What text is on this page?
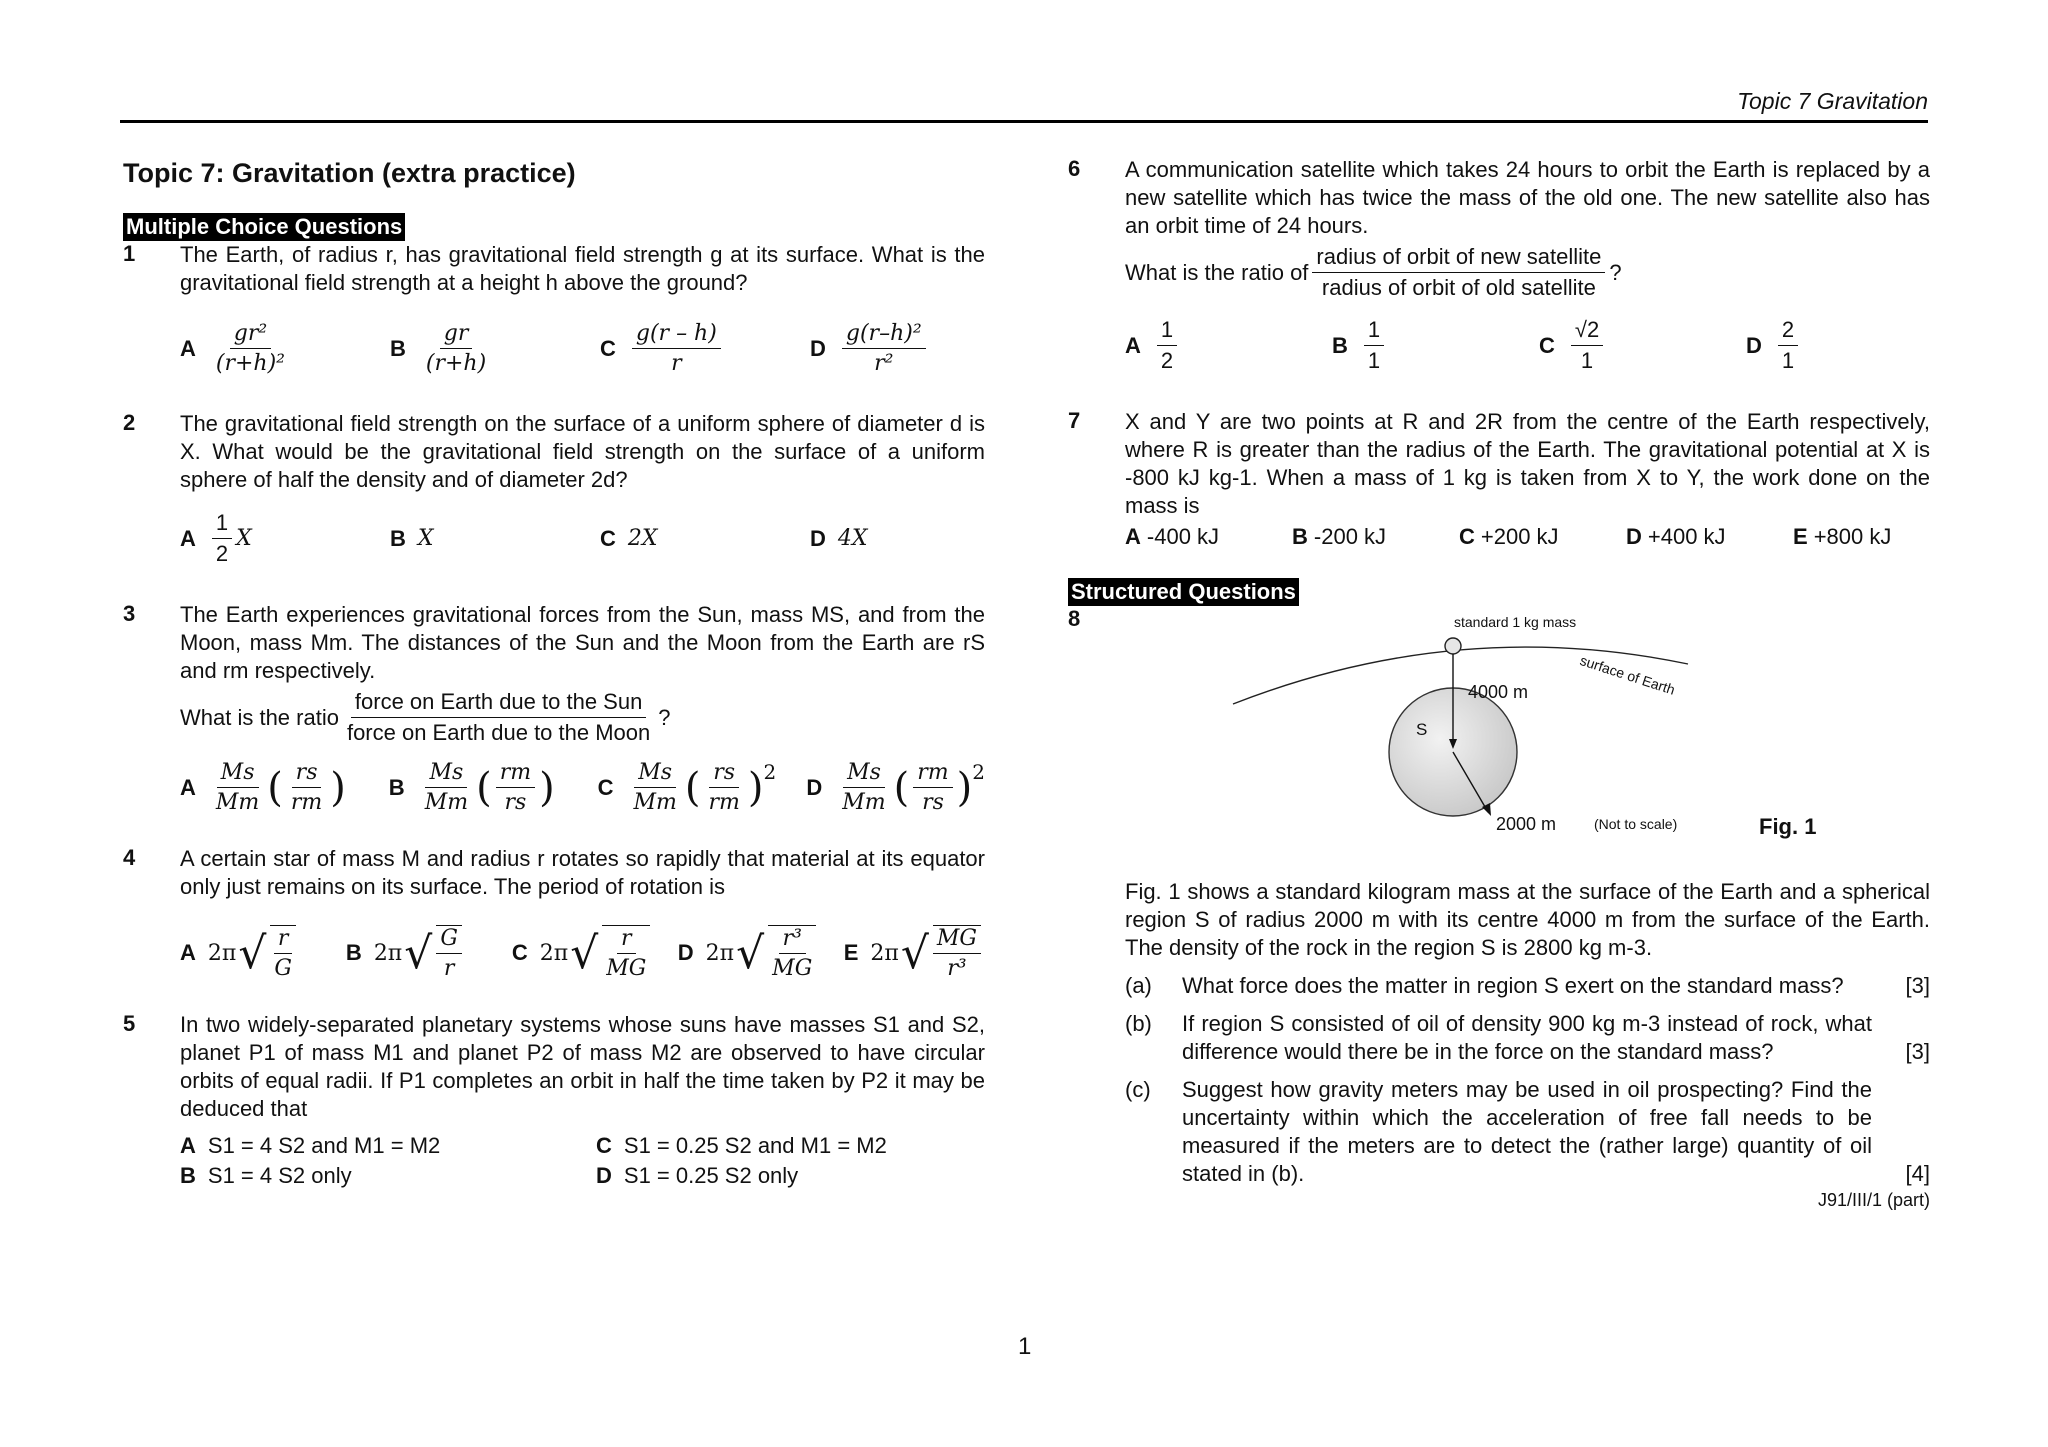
Topic 7 Gravitation
Topic 7: Gravitation (extra practice)
Multiple Choice Questions
1 The Earth, of radius r, has gravitational field strength g at its surface. What is the gravitational field strength at a height h above the ground?

A $\frac{\text{gr²}}{\text{(r+h)²}}$	B $\frac{gr}{(r+h)}$	C $\frac{g(r - h)}{r}$	D $\frac{\text{g(r–h)²}}{\text{r²}}$
2 The gravitational field strength on the surface of a uniform sphere of diameter d is X. What would be the gravitational field strength on the surface of a uniform sphere of half the density and of diameter 2d?

A $\frac{1}{2}$ X	B X	C 2X	D 4X
3 The Earth experiences gravitational forces from the Sun, mass MS, and from the Moon, mass Mm. The distances of the Sun and the Moon from the Earth are rS and rm respectively.

What is the ratio $\frac{\text{force on Earth due to the Sun}}{\text{force on Earth due to the Moon}}$ ?
A $\frac{Ms}{Mm}$ ( $\frac{rs}{rm}$ ) B $\frac{Ms}{Mm}$ ( $\frac{rm}{rs}$ ) C $\frac{Ms}{Mm}$ ( $\frac{rs}{rm}$ ) 2
D $\frac{Ms}{Mm}$ ( $\frac{rm}{rs}$ ) 2
4 A certain star of mass M and radius r rotates so rapidly that material at its equator only just remains on its surface. The period of rotation is

A 2π √ $\frac{r}{G}$ B 2π √ $\frac{G}{r}$ C 2π √ $\frac{r}{MG}$ D 2π √ $\frac{\text{r³}}{MG}$ E 2π √ $\frac{MG}{\text{r³}}$
5 In two widely-separated planetary systems whose suns have masses S1 and S2, planet P1 of mass M1 and planet P2 of mass M2 are observed to have circular orbits of equal radii. If P1 completes an orbit in half the time taken by P2 it may be deduced that

A S1 = 4 S2 and M1 = M2	C S1 = 0.25 S2 and M1 = M2
B S1 = 4 S2 only	D S1 = 0.25 S2 only
6 A communication satellite which takes 24 hours to orbit the Earth is replaced by a new satellite which has twice the mass of the old one. The new satellite also has an orbit time of 24 hours.

What is the ratio of $\frac{\text{radius of orbit of new satellite}}{\text{radius of orbit of old satellite}}$ ?
A $\frac{1}{2}$	B $\frac{1}{1}$	C $\frac{√2}{1}$	D $\frac{2}{1}$
7 X and Y are two points at R and 2R from the centre of the Earth respectively, where R is greater than the radius of the Earth. The gravitational potential at X is -800 kJ kg-1. When a mass of 1 kg is taken from X to Y, the work done on the mass is

A -400 kJ	B -200 kJ	C +200 kJ	D +400 kJ	E +800 kJ
Structured Questions
8	standard 1 kg mass
surface of Earth
4000 m
S
2000 m	(Not to scale)	Fig. 1

Fig. 1 shows a standard kilogram mass at the surface of the Earth and a spherical region S of radius 2000 m with its centre 4000 m from the surface of the Earth. The density of the rock in the region S is 2800 kg m-3.

(a) What force does the matter in region S exert on the standard mass?	[3]
(b) If region S consisted of oil of density 900 kg m-3 instead of rock, what difference would there be in the force on the standard mass?	[3]
(c) Suggest how gravity meters may be used in oil prospecting? Find the uncertainty within which the acceleration of free fall needs to be measured if the meters are to detect the (rather large) quantity of oil stated in (b).	[4]
J91/III/1 (part)
1
